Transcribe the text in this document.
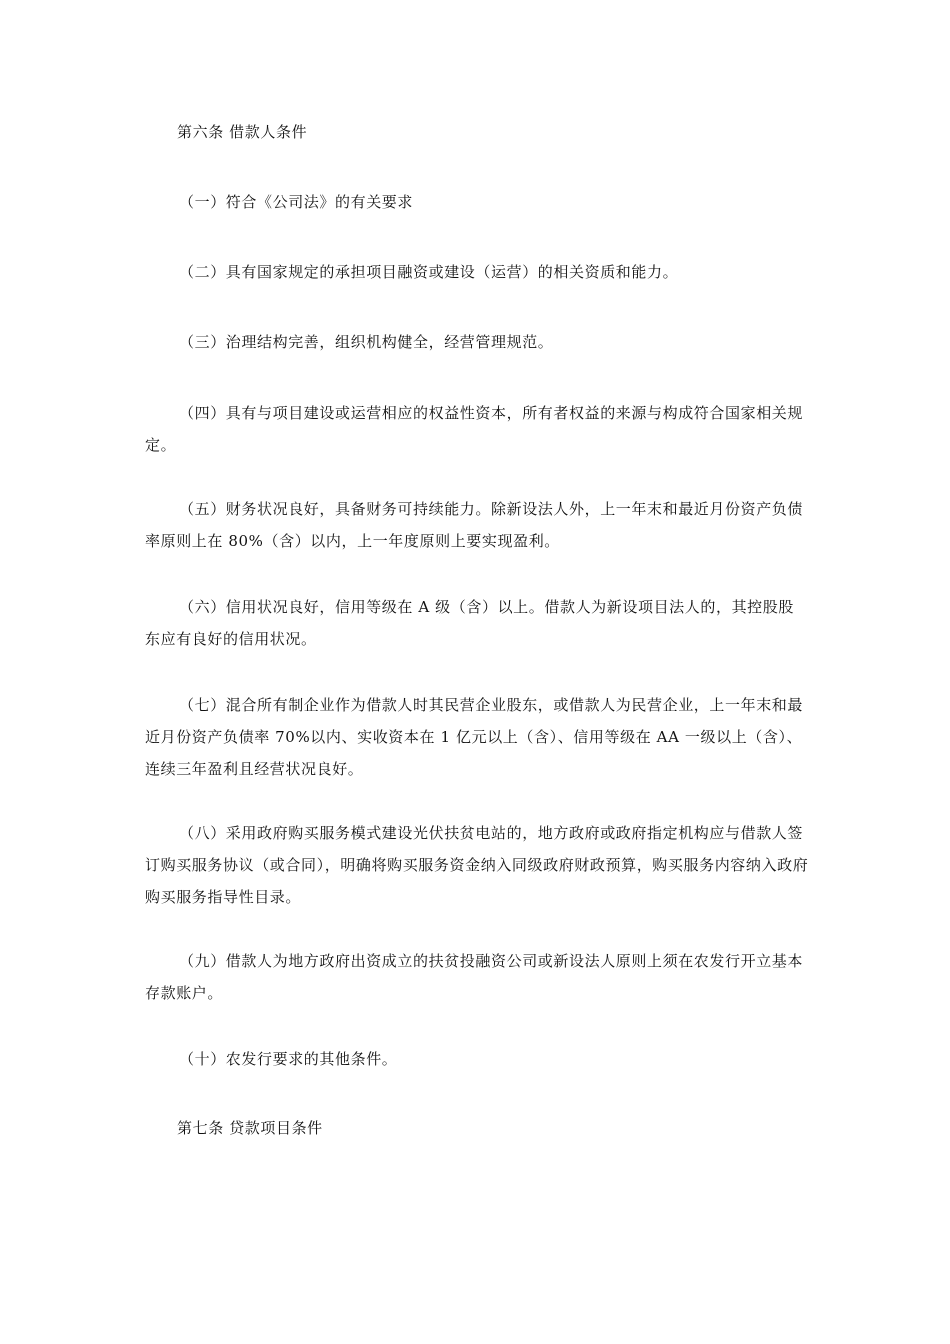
第六条 借款人条件

（一）符合《公司法》的有关要求

（二）具有国家规定的承担项目融资或建设（运营）的相关资质和能力。

（三）治理结构完善，组织机构健全，经营管理规范。

（四）具有与项目建设或运营相应的权益性资本，所有者权益的来源与构成符合国家相关规定。

（五）财务状况良好，具备财务可持续能力。除新设法人外，上一年末和最近月份资产负债率原则上在 80%（含）以内，上一年度原则上要实现盈利。

（六）信用状况良好，信用等级在 A 级（含）以上。借款人为新设项目法人的，其控股股东应有良好的信用状况。

（七）混合所有制企业作为借款人时其民营企业股东，或借款人为民营企业，上一年末和最近月份资产负债率 70%以内、实收资本在 1 亿元以上（含）、信用等级在 AA 一级以上（含）、连续三年盈利且经营状况良好。

（八）采用政府购买服务模式建设光伏扶贫电站的，地方政府或政府指定机构应与借款人签订购买服务协议（或合同），明确将购买服务资金纳入同级政府财政预算，购买服务内容纳入政府购买服务指导性目录。

（九）借款人为地方政府出资成立的扶贫投融资公司或新设法人原则上须在农发行开立基本存款账户。

（十）农发行要求的其他条件。

第七条 贷款项目条件
